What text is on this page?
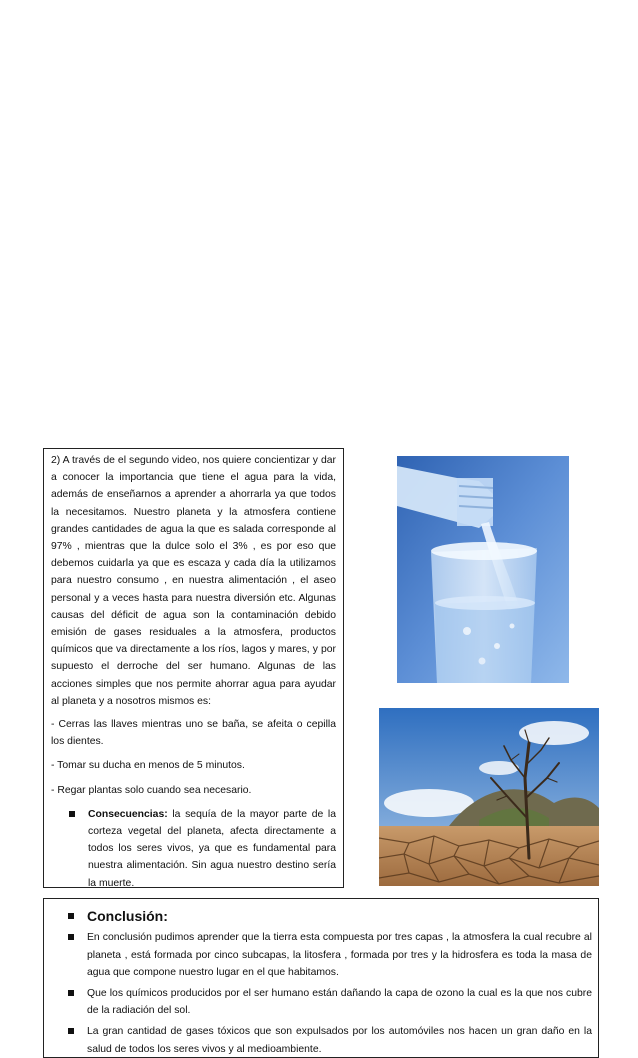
2) A través de el segundo video, nos quiere concientizar y dar a conocer la importancia que tiene el agua para la vida, además de enseñarnos a aprender a ahorrarla ya que todos la necesitamos. Nuestro planeta y la atmosfera contiene grandes cantidades de agua la que es salada corresponde al 97% , mientras que la dulce solo el 3% , es por eso que debemos cuidarla ya que es escaza y cada día la utilizamos para nuestro consumo , en nuestra alimentación , el aseo personal y a veces hasta para nuestra diversión etc. Algunas causas del déficit de agua son la contaminación debido emisión de gases residuales a la atmosfera, productos químicos que va directamente a los ríos, lagos y mares, y por supuesto el derroche del ser humano. Algunas de las acciones simples que nos permite ahorrar agua para ayudar al planeta y a nosotros mismos es:

- Cerras las llaves mientras uno se baña, se afeita o cepilla los dientes.

- Tomar su ducha en menos de 5 minutos.

- Regar plantas solo cuando sea necesario.

Consecuencias: la sequía de la mayor parte de la corteza vegetal del planeta, afecta directamente a todos los seres vivos, ya que es fundamental para nuestra alimentación. Sin agua nuestro destino sería la muerte.
Conclusión:
En conclusión pudimos aprender que la tierra esta compuesta por tres capas , la atmosfera la cual recubre al planeta , está formada por cinco subcapas, la litosfera , formada por tres y la hidrosfera es toda la masa de agua que compone nuestro lugar en el que habitamos.
Que los químicos producidos por el ser humano están dañando la capa de ozono la cual es la que nos cubre de la radiación del sol.
La gran cantidad de gases tóxicos que son expulsados por los automóviles nos hacen un gran daño en la salud de todos los seres vivos y al medioambiente.
